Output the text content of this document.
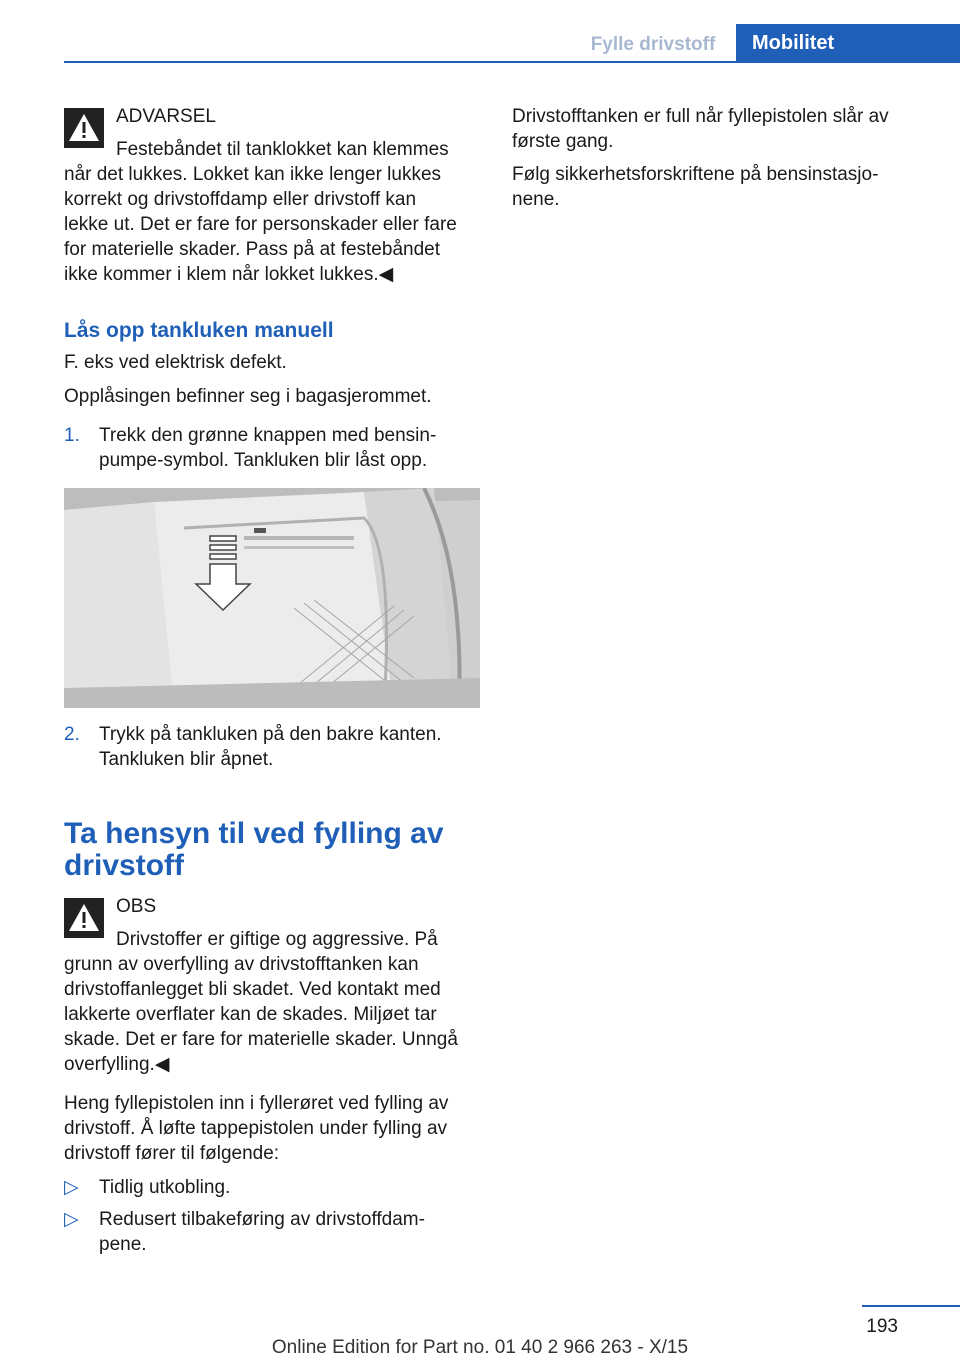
Fylle drivstoff	Mobilitet
ADVARSEL
Festebåndet til tanklokket kan klemmes
når det lukkes. Lokket kan ikke lenger lukkes
korrekt og drivstoffdamp eller drivstoff kan
lekke ut. Det er fare for personskader eller fare
for materielle skader. Pass på at festebåndet
ikke kommer i klem når lokket lukkes.◀
Lås opp tankluken manuell
F. eks ved elektrisk defekt.
Opplåsingen befinner seg i bagasjerommet.
1.	Trekk den grønne knappen med bensin‐
pumpe-symbol. Tankluken blir låst opp.
2.	Trykk på tankluken på den bakre kanten.
Tankluken blir åpnet.
Ta hensyn til ved fylling av
drivstoff
OBS
Drivstoffer er giftige og aggressive. På
grunn av overfylling av drivstofftanken kan
drivstoffanlegget bli skadet. Ved kontakt med
lakkerte overflater kan de skades. Miljøet tar
skade. Det er fare for materielle skader. Unngå
overfylling.◀
Heng fyllepistolen inn i fyllerøret ved fylling av
drivstoff. Å løfte tappepistolen under fylling av
drivstoff fører til følgende:
▷	Tidlig utkobling.
▷	Redusert tilbakeføring av drivstoffdam‐
pene.
Drivstofftanken er full når fyllepistolen slår av
første gang.
Følg sikkerhetsforskriftene på bensinstasjo‐
nene.
193
Online Edition for Part no. 01 40 2 966 263 - X/15
